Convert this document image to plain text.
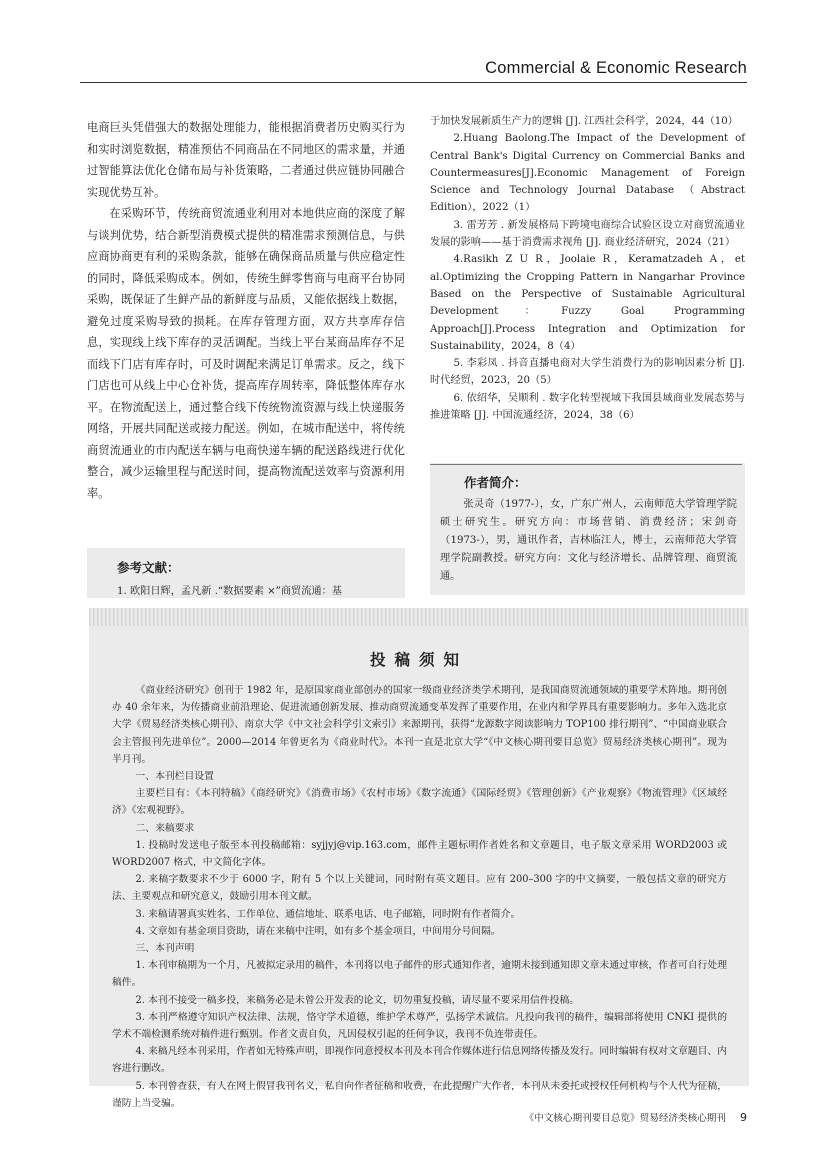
Commercial & Economic Research

电商巨头凭借强大的数据处理能力，能根据消费者历史购买行为和实时浏览数据，精准预估不同商品在不同地区的需求量，并通过智能算法优化仓储布局与补货策略，二者通过供应链协同融合实现优势互补。

在采购环节，传统商贸流通业利用对本地供应商的深度了解与谈判优势，结合新型消费模式提供的精准需求预测信息，与供应商协商更有利的采购条款，能够在确保商品质量与供应稳定性的同时，降低采购成本。例如，传统生鲜零售商与电商平台协同采购，既保证了生鲜产品的新鲜度与品质，又能依据线上数据，避免过度采购导致的损耗。在库存管理方面，双方共享库存信息，实现线上线下库存的灵活调配。当线上平台某商品库存不足而线下门店有库存时，可及时调配来满足订单需求。反之，线下门店也可从线上中心仓补货，提高库存周转率，降低整体库存水平。在物流配送上，通过整合线下传统物流资源与线上快递服务网络，开展共同配送或接力配送。例如，在城市配送中，将传统商贸流通业的市内配送车辆与电商快递车辆的配送路线进行优化整合，减少运输里程与配送时间，提高物流配送效率与资源利用率。

参考文献：
1. 欧阳日辉，孟凡新 .“数据要素 ×”商贸流通：基

于加快发展新质生产力的逻辑 [J]. 江西社会科学，2024，44（10）

2.Huang Baolong.The Impact of the Development of Central Bank's Digital Currency on Commercial Banks and Countermeasures[J].Economic Management of Foreign Science and Technology Journal Database （Abstract Edition），2022（1）

3. 雷芳芳 . 新发展格局下跨境电商综合试验区设立对商贸流通业发展的影响——基于消费需求视角 [J]. 商业经济研究，2024（21）

4.Rasikh Z U R，Joolaie R，Keramatzadeh A，et al.Optimizing the Cropping Pattern in Nangarhar Province Based on the Perspective of Sustainable Agricultural Development：Fuzzy Goal Programming Approach[J].Process Integration and Optimization for Sustainability，2024，8（4）

5. 李彩凤 . 抖音直播电商对大学生消费行为的影响因素分析 [J]. 时代经贸，2023，20（5）

6. 依绍华，吴顺利 . 数字化转型视域下我国县域商业发展态势与推进策略 [J]. 中国流通经济，2024，38（6）

作者简介：

张灵奇（1977-），女，广东广州人，云南师范大学管理学院硕士研究生。研究方向：市场营销、消费经济；宋剑奇（1973-），男，通讯作者，吉林临江人，博士，云南师范大学管理学院副教授。研究方向：文化与经济增长、品牌管理、商贸流通。

投稿须知

《商业经济研究》创刊于 1982 年，是原国家商业部创办的国家一级商业经济类学术期刊，是我国商贸流通领域的重要学术阵地。期刊创办 40 余年来，为传播商业前沿理论、促进流通创新发展、推动商贸流通变革发挥了重要作用，在业内和学界具有重要影响力。多年入选北京大学《贸易经济类核心期刊》、南京大学《中文社会科学引文索引》来源期刊，获得“龙源数字阅读影响力 TOP100 排行期刊”、“中国商业联合会主管报刊先进单位”。2000—2014 年曾更名为《商业时代》。本刊一直是北京大学“《中文核心期刊要目总览》贸易经济类核心期刊”。现为半月刊。

一、本刊栏目设置

主要栏目有：《本刊特稿》《商经研究》《消费市场》《农村市场》《数字流通》《国际经贸》《管理创新》《产业观察》《物流管理》《区域经济》《宏观视野》。

二、来稿要求

1. 投稿时发送电子版至本刊投稿邮箱：syjjyj@vip.163.com，邮件主题标明作者姓名和文章题目，电子版文章采用 WORD2003 或 WORD2007 格式，中文简化字体。

2. 来稿字数要求不少于 6000 字，附有 5 个以上关键词，同时附有英文题目。应有 200–300 字的中文摘要，一般包括文章的研究方法、主要观点和研究意义，鼓励引用本刊文献。

3. 来稿请署真实姓名、工作单位、通信地址、联系电话、电子邮箱，同时附有作者简介。

4. 文章如有基金项目资助，请在来稿中注明，如有多个基金项目，中间用分号间隔。

三、本刊声明

1. 本刊审稿期为一个月，凡被拟定录用的稿件，本刊将以电子邮件的形式通知作者，逾期未接到通知即文章未通过审核，作者可自行处理稿件。

2. 本刊不接受一稿多投，来稿务必是未曾公开发表的论文，切勿重复投稿，请尽量不要采用信件投稿。

3. 本刊严格遵守知识产权法律、法规，恪守学术道德，维护学术尊严，弘扬学术诚信。凡投向我刊的稿件，编辑部将使用 CNKI 提供的学术不端检测系统对稿件进行甄别。作者文责自负，凡因侵权引起的任何争议，我刊不负连带责任。

4. 来稿凡经本刊采用，作者如无特殊声明，即视作同意授权本刊及本刊合作媒体进行信息网络传播及发行。同时编辑有权对文章题目、内容进行删改。

5. 本刊曾查获，有人在网上假冒我刊名义，私自向作者征稿和收费，在此提醒广大作者，本刊从未委托或授权任何机构与个人代为征稿，谨防上当受骗。

《中文核心期刊要目总览》贸易经济类核心期刊 9
